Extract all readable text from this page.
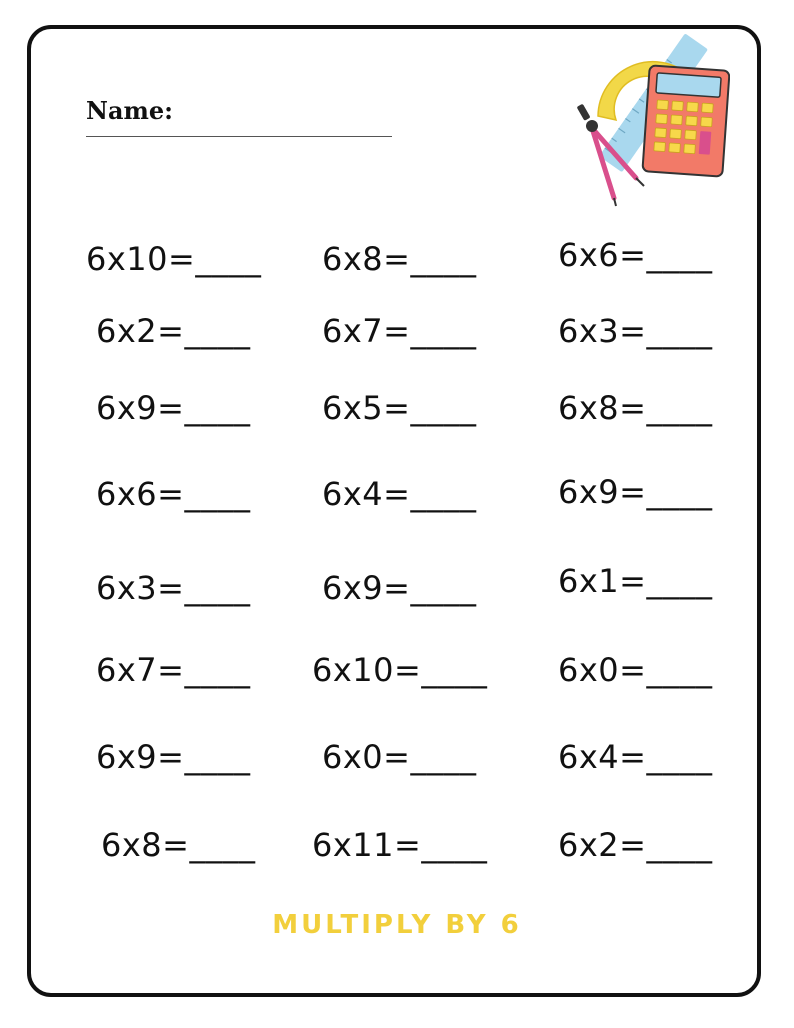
Name:
6x10=____
6x2=____
6x9=____
6x6=____
6x3=____
6x7=____
6x9=____
6x8=____
6x8=____
6x7=____
6x5=____
6x4=____
6x9=____
6x10=____
6x0=____
6x11=____
6x6=____
6x3=____
6x8=____
6x9=____
6x1=____
6x0=____
6x4=____
6x2=____
MULTIPLY BY 6
